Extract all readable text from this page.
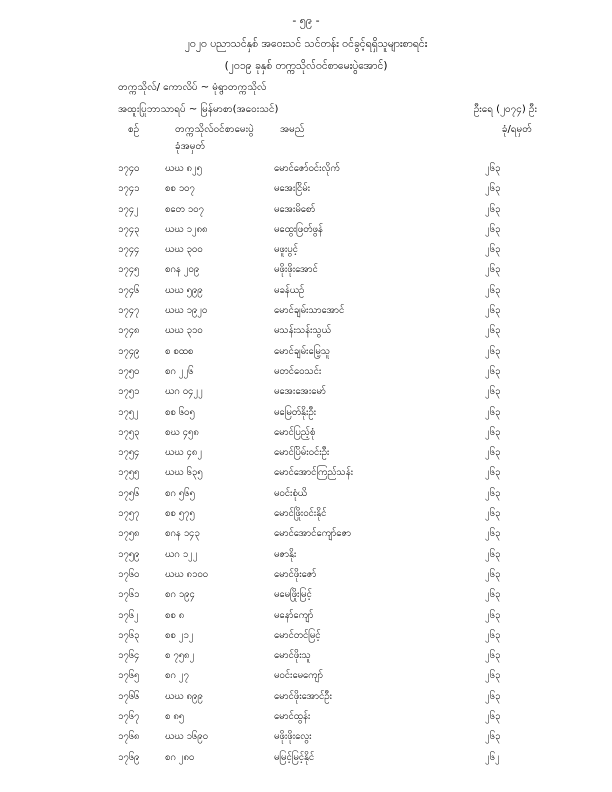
- ၅၉ -
၂၀၂၀ ပညာသင်နှစ် အဝေးသင် သင်တန်း ဝင်ခွင့်ရရှိသူများစာရင်း
(၂၀၁၉ ခုနှစ် တက္ကသိုလ်ဝင်စာမေးပွဲအောင်)
တက္ကသိုလ်/ ကောလိပ် ~ မုံရွာတက္ကသိုလ်
အထူးပြုဘာသာရပ် ~ မြန်မာစာ(အဝေးသင်)	ဦးရေ (၂၀၇၄) ဦး
စဉ်	တက္ကသိုလ်ဝင်စာမေးပွဲ
ခုံအမှတ်
အမည်	ခုံ/ရမှတ်
၁၇၄၀	ဃဃ ၈၂၅	မောင်ဇော်ဝင်းလိုက်	၂၆၃
၁၇၄၁	စစ ၁၀၇	မအေးငြိမ်း	၂၆၃
၁၇၄၂	စတေ ၁၀၇	မအေးမိစော်	၂၆၃
၁၇၄၃	ဃဃ ၁၂၈၈	မထွေးဖြတ်ဖွန်	၂၆၃
၁၇၄၄	ဃဃ ၃၀၀	မဖူးပွင့်	၂၆၃
၁၇၄၅	စဂန ၂၀၉	မဖိုးဖိုးအောင်	၂၆၃
၁၇၄၆	ဃဃ ၅၉၉	မခန်ယဉ်	၂၆၃
၁၇၄၇	ဃဃ ၁၉၂၀	မောင်ချမ်းသာအောင်	၂၆၃
၁၇၄၈	ဃဃ ၃၁၀	မသန်းသန်းသွယ်	၂၆၃
၁၇၄၉	စ စထစ	မောင်ချမ်းမြေ့သူ	၂၆၃
၁၇၅၀	စဂ ၂၂၆	မတင်ဝေသင်း	၂၆၃
၁၇၅၁	ဃဂ ၀၄၂၂	မအေးအေးမော်	၂၆၃
၁၇၅၂	စစ ၆၀၅	မမြေတ်နိုးဦး	၂၆၃
၁၇၅၃	စဃ ၄၅၈	မောင်ပြည့်စုံ	၂၆၃
၁၇၅၄	ဃဃ ၄၈၂	မောင်ပြိမ်းဝင်းဦး	၂၆၃
၁၇၅၅	ဃဃ ၆၃၅	မောင်အောင်ကြည်သန်း	၂၆၃
၁၇၅၆	စဂ ၅၆၅	မဝင်းစုံယိ	၂၆၃
၁၇၅၇	စစ ၅၇၅	မောင်ဖြိုးဝင်းနိုင်	၂၆၃
၁၇၅၈	စဂန ၁၄၃	မောင်အောင်ကျော်ဇော	၂၆၃
၁၇၅၉	ဃဂ ၁၂၂	မဇာနိုး	၂၆၃
၁၇၆၀	ဃဃ ၈၁၀၀	မောင်ဖိုးဇော်	၂၆၃
၁၇၆၁	စဂ ၁၉၄	မမေဖြိုးမြင့်	၂၆၃
၁၇၆၂	စစ ၈	မနော်ကျော်	၂၆၃
၁၇၆၃	စစ ၂၁၂	မောင်တင်မြင့်	၂၆၃
၁၇၆၄	စ ၇၅၈၂	မောင်ဖိုးသူ	၂၆၃
၁၇၆၅	စဂ ၂၇	မဝင်းမေကျော်	၂၆၃
၁၇၆၆	ဃဃ ၈၉၉	မောင်ဖိုးအောင်ဦး	၂၆၃
၁၇၆၇	စ ၈၅	မောင်ထွန်း	၂၆၃
၁၇၆၈	ဃဃ ၁၆၉၀	မဖိုးဖိုးလွေး	၂၆၃
၁၇၆၉	စဂ ၂၈၀	မမြင့်မြင့်နိုင်	၂၆၂
